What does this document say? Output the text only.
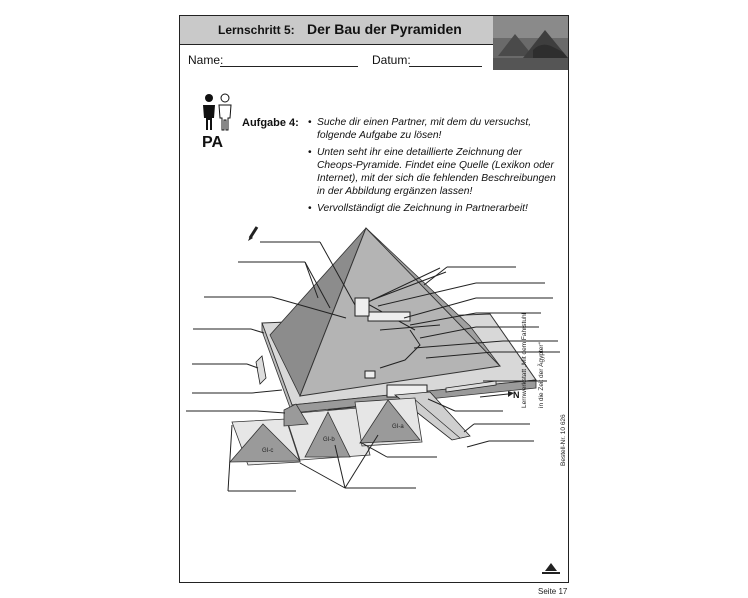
Lernschritt 5: Der Bau der Pyramiden
Name:	Datum:
PA
Aufgabe 4:
•	Suche dir einen Partner, mit dem du versuchst, folgende Aufgabe zu lösen!
• Unten seht ihr eine detaillierte Zeichnung der Cheops-Pyramide. Findet eine Quelle (Lexikon oder Internet), mit der sich die fehlenden Beschreibungen in der Abbildung ergänzen lassen!
• Vervollständigt die Zeichnung in Partnerarbeit!
GI-a
GI-b
GI-c
N Lernwerkstatt „Mit dem Fahrstuhl in die Zeit der Ägypter“
Bestell-Nr. 10 626
Seite 17
